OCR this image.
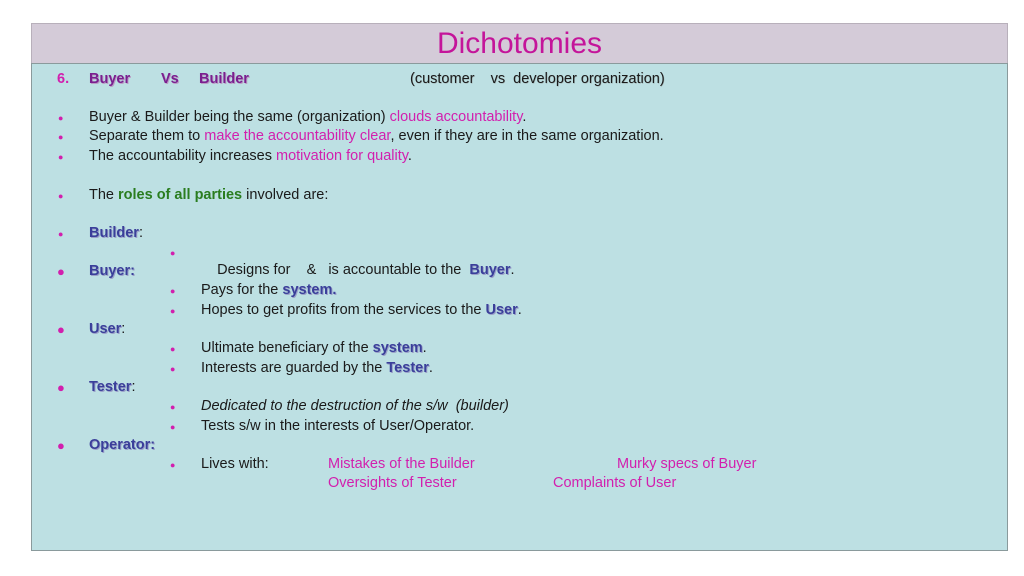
Dichotomies
6. Buyer Vs Builder	(customer    vs  developer organization)
● Buyer & Builder being the same (organization) clouds accountability.
● Separate them to make the accountability clear, even if they are in the same organization.
● The accountability increases motivation for quality.
● The roles of all parties involved are:
● Builder:
●

Designs for    &   is accountable to the  Buyer.

● Buyer:
● Pays for the system.
● Hopes to get profits from the services to the User.
● User:
● Ultimate beneficiary of the system.
● Interests are guarded by the Tester.
● Tester:
● Dedicated to the destruction of the s/w  (builder)
● Tests s/w in the interests of User/Operator.
● Operator:
● Lives with:	Mistakes of the Builder	Murky specs of Buyer
Oversights of Tester	Complaints of User
